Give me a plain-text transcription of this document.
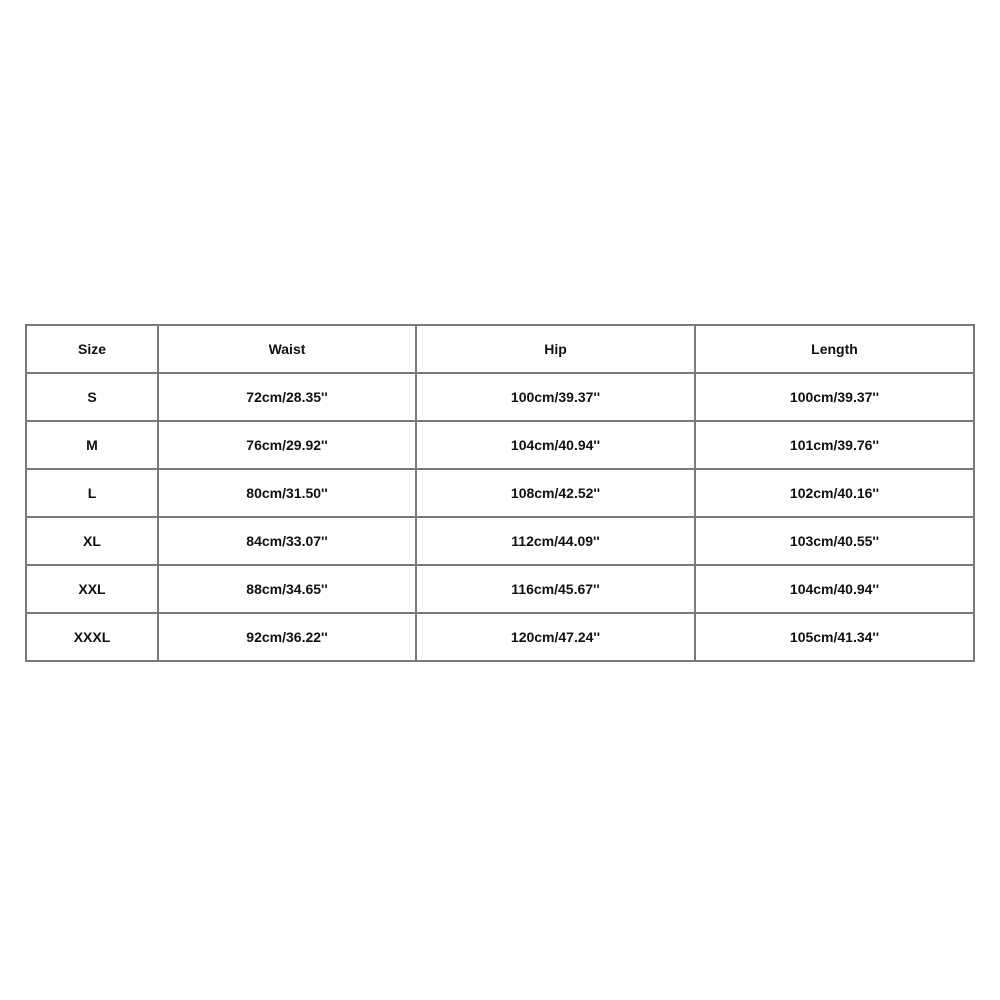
Size	Waist	Hip	Length
S	72cm/28.35''	100cm/39.37''	100cm/39.37''
M	76cm/29.92''	104cm/40.94''	101cm/39.76''
L	80cm/31.50''	108cm/42.52''	102cm/40.16''
XL	84cm/33.07''	112cm/44.09''	103cm/40.55''
XXL	88cm/34.65''	116cm/45.67''	104cm/40.94''
XXXL	92cm/36.22''	120cm/47.24''	105cm/41.34''
